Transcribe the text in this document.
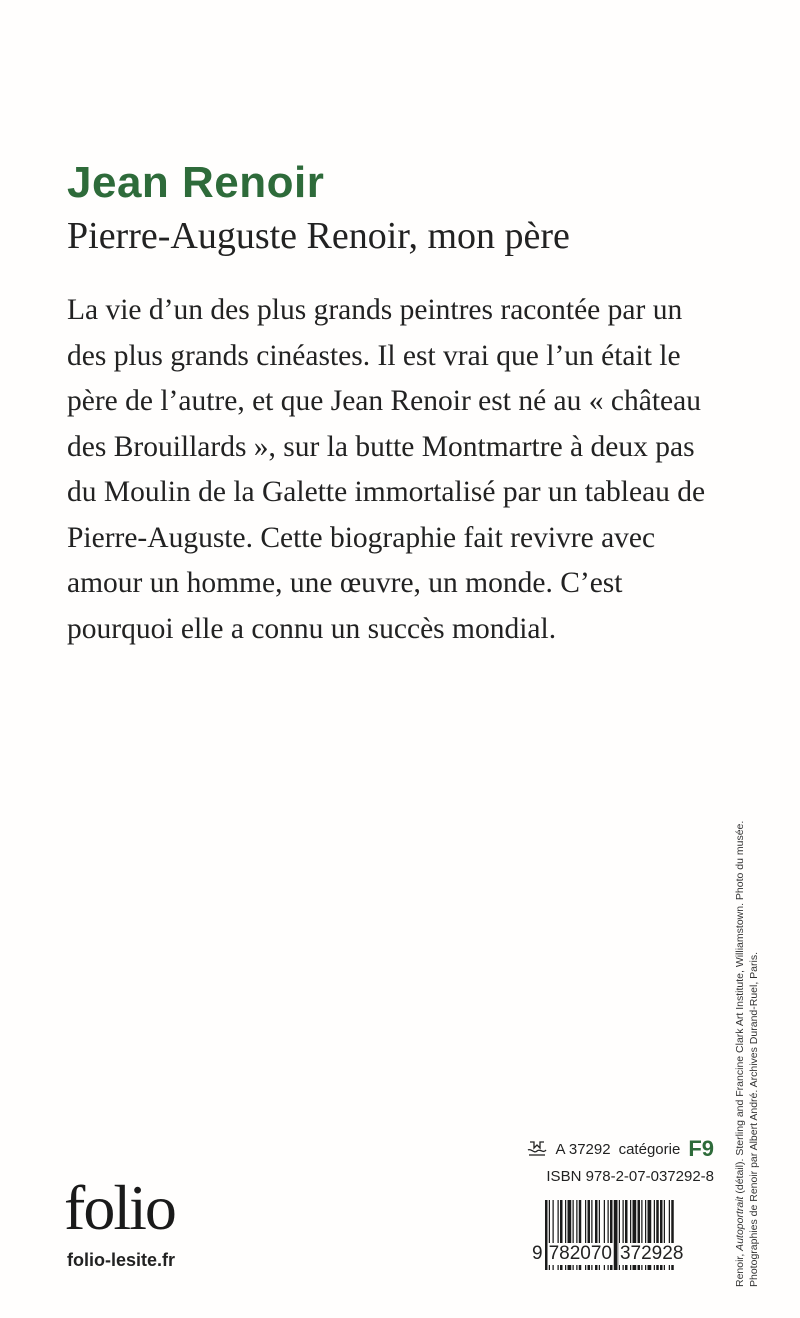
Jean Renoir
Pierre-Auguste Renoir, mon père

La vie d’un des plus grands peintres racontée par un des plus grands cinéastes. Il est vrai que l’un était le père de l’autre, et que Jean Renoir est né au « château des Brouillards », sur la butte Montmartre à deux pas du Moulin de la Galette immortalisé par un tableau de Pierre-Auguste. Cette biographie fait revivre avec amour un homme, une œuvre, un monde. C’est pourquoi elle a connu un succès mondial.

Renoir, Autoportrait (détail). Sterling and Francine Clark Art Institute, Williamstown. Photo du musée. Photographies de Renoir par Albert André. Archives Durand-Ruel, Paris.
A 37292 catégorie F9
ISBN 978-2-07-037292-8
9 782070 372928
folio
folio-lesite.fr
